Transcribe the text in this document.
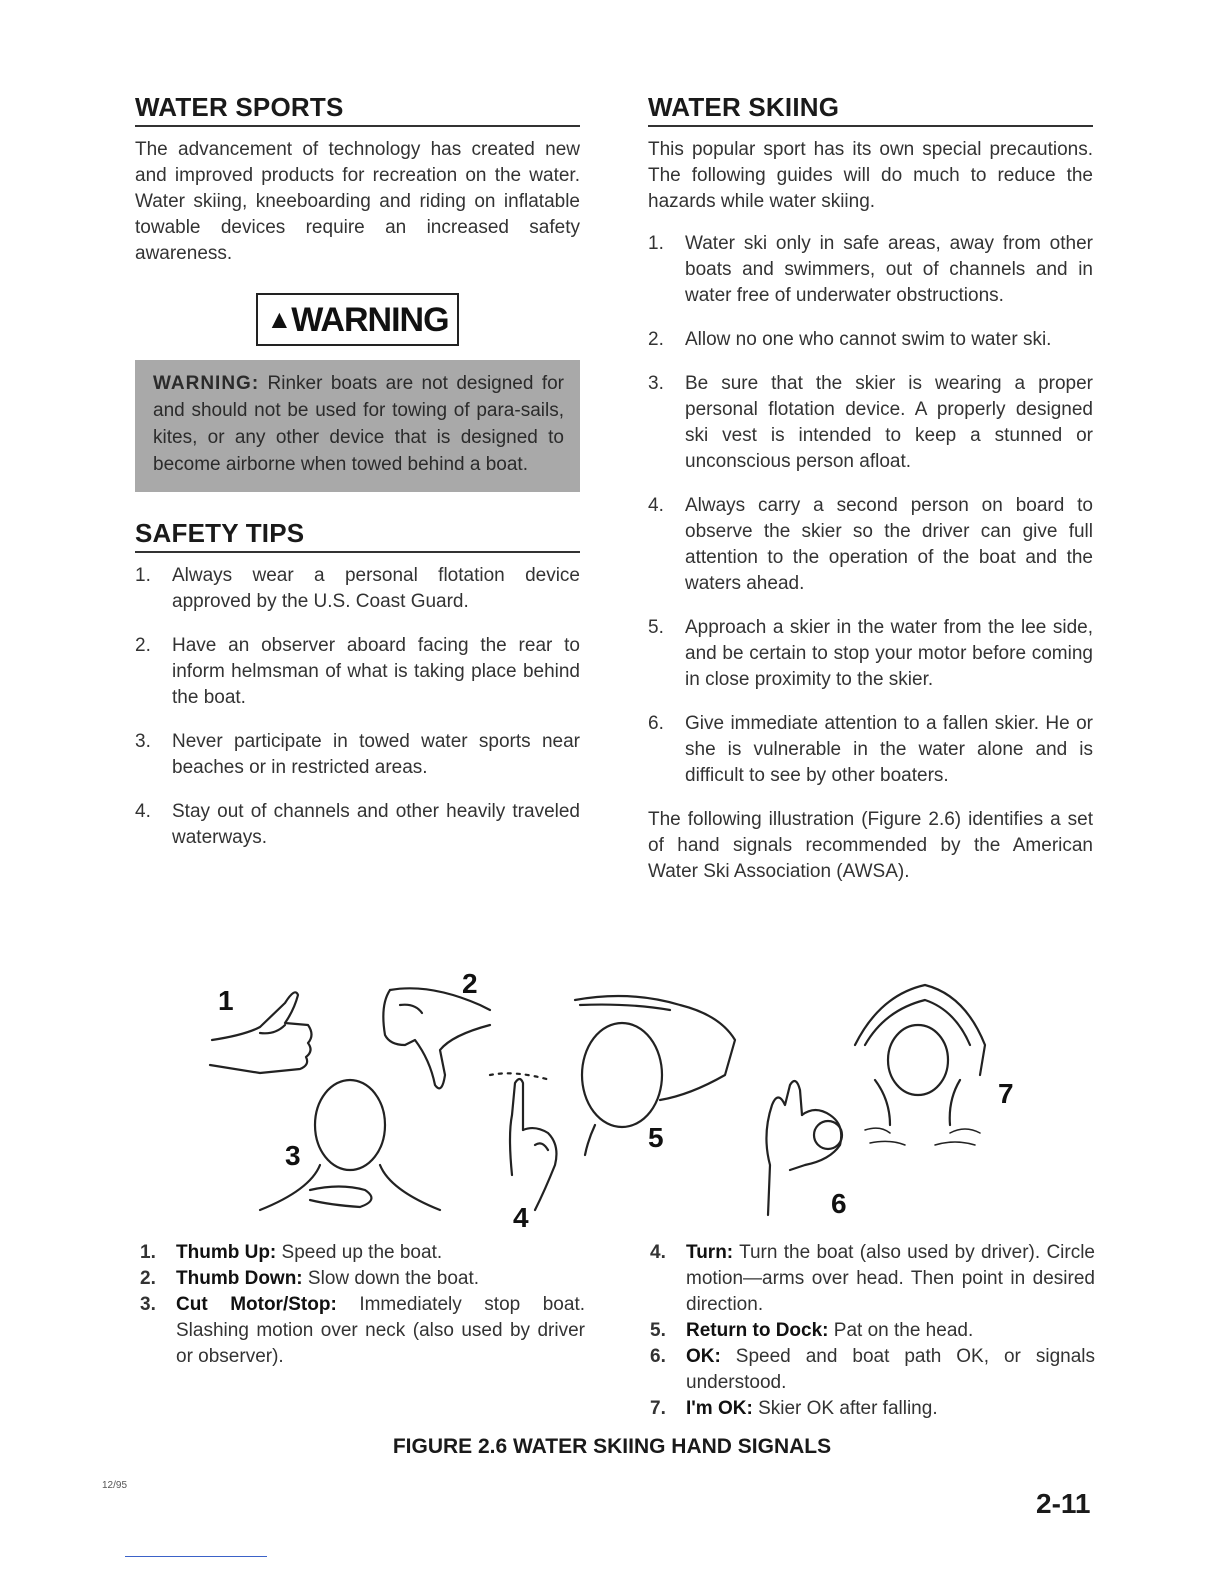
WATER SPORTS

The advancement of technology has created new and improved products for recreation on the water. Water skiing, kneeboarding and riding on inflatable towable devices require an increased safety awareness.

▲WARNING
WARNING: Rinker boats are not designed for and should not be used for towing of para-sails, kites, or any other device that is designed to become airborne when towed behind a boat.
SAFETY TIPS
1. Always wear a personal flotation device approved by the U.S. Coast Guard.
2. Have an observer aboard facing the rear to inform helmsman of what is taking place behind the boat.
3. Never participate in towed water sports near beaches or in restricted areas.
4. Stay out of channels and other heavily traveled waterways.
WATER SKIING

This popular sport has its own special precautions. The following guides will do much to reduce the hazards while water skiing.

1. Water ski only in safe areas, away from other boats and swimmers, out of channels and in water free of underwater obstructions.
2. Allow no one who cannot swim to water ski.
3. Be sure that the skier is wearing a proper personal flotation device. A properly designed ski vest is intended to keep a stunned or unconscious person afloat.
4. Always carry a second person on board to observe the skier so the driver can give full attention to the operation of the boat and the waters ahead.
5. Approach a skier in the water from the lee side, and be certain to stop your motor before coming in close proximity to the skier.
6. Give immediate attention to a fallen skier. He or she is vulnerable in the water alone and is difficult to see by other boaters.

The following illustration (Figure 2.6) identifies a set of hand signals recommended by the American Water Ski Association (AWSA).

1
2
3
4
5
6
7
1. Thumb Up: Speed up the boat.
2. Thumb Down: Slow down the boat.
3. Cut Motor/Stop: Immediately stop boat. Slashing motion over neck (also used by driver or observer).
4. Turn: Turn the boat (also used by driver). Circle motion—arms over head. Then point in desired direction.
5. Return to Dock: Pat on the head.
6. OK: Speed and boat path OK, or signals understood.
7. I'm OK: Skier OK after falling.
FIGURE 2.6 WATER SKIING HAND SIGNALS
12/95
2-11
